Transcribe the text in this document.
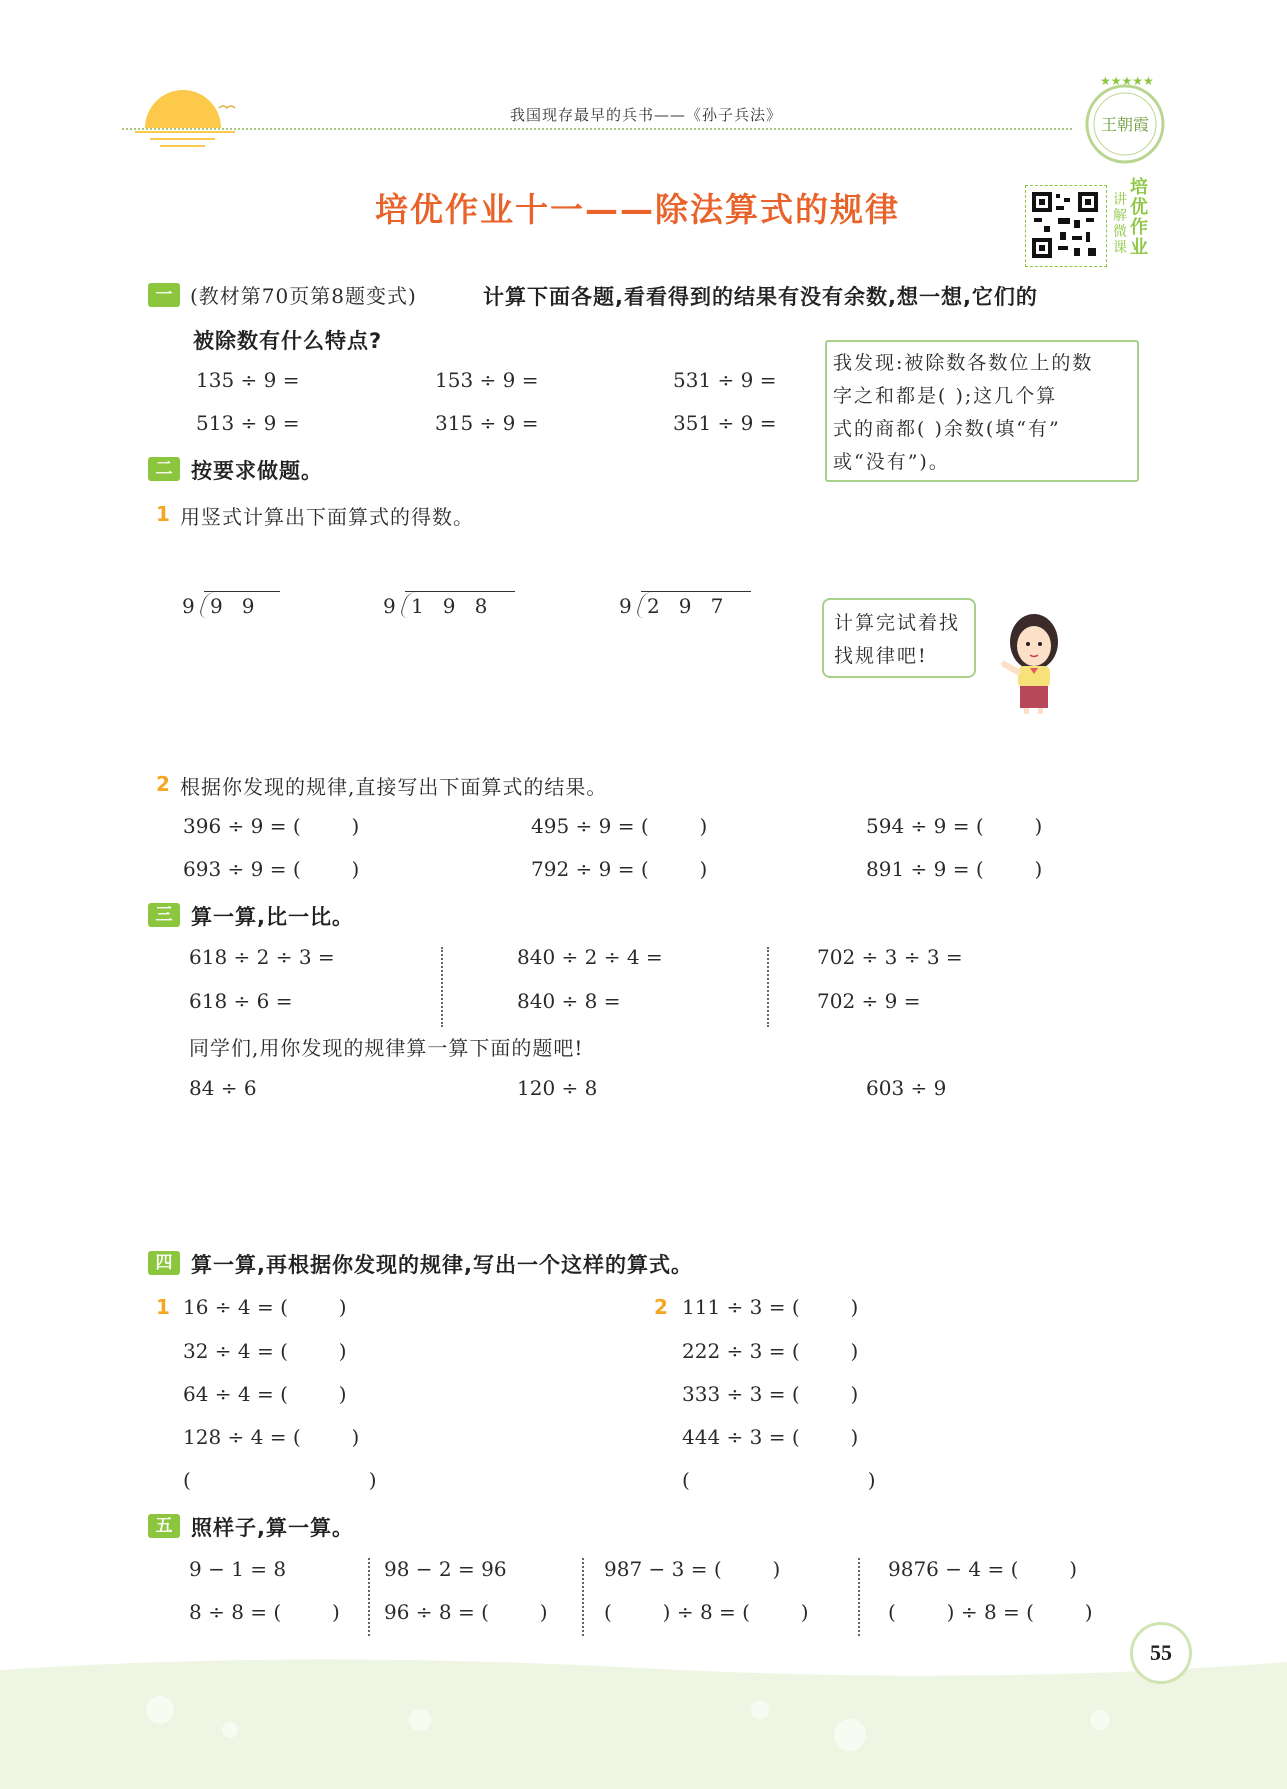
我国现存最早的兵书——《孙子兵法》
★★★★★
王朝霞
培优作业十一——除法算式的规律
培优作业
讲解微课
一 (教材第70页第8题变式)	计算下面各题,看看得到的结果有没有余数,想一想,它们的
被除数有什么特点?
135 ÷ 9 =	153 ÷ 9 =	531 ÷ 9 =
513 ÷ 9 =	315 ÷ 9 =	351 ÷ 9 =
我发现:被除数各数位上的数
字之和都是( );这几个算
式的商都( )余数(填“有”
或“没有”)。
二 按要求做题。
1 用竖式计算出下面算式的得数。
9 9   9	9 1   9   8	9 2   9   7
计算完试着找
找规律吧!
2 根据你发现的规律,直接写出下面算式的结果。
396 ÷ 9 = (        )	495 ÷ 9 = (        )	594 ÷ 9 = (        )
693 ÷ 9 = (        )	792 ÷ 9 = (        )	891 ÷ 9 = (        )
三 算一算,比一比。
618 ÷ 2 ÷ 3 =	840 ÷ 2 ÷ 4 =	702 ÷ 3 ÷ 3 =
618 ÷ 6 =	840 ÷ 8 =	702 ÷ 9 =
同学们,用你发现的规律算一算下面的题吧!
84 ÷ 6	120 ÷ 8	603 ÷ 9
四 算一算,再根据你发现的规律,写出一个这样的算式。
1	2
16 ÷ 4 = (        )
32 ÷ 4 = (        )
64 ÷ 4 = (        )
128 ÷ 4 = (        )
(                            )
111 ÷ 3 = (        )
222 ÷ 3 = (        )
333 ÷ 3 = (        )
444 ÷ 3 = (        )
(                            )
五 照样子,算一算。
9 − 1 = 8	98 − 2 = 96	987 − 3 = (        )	9876 − 4 = (        )
8 ÷ 8 = (        ) 96 ÷ 8 = (        )	(        ) ÷ 8 = (        )	(        ) ÷ 8 = (        )
55
